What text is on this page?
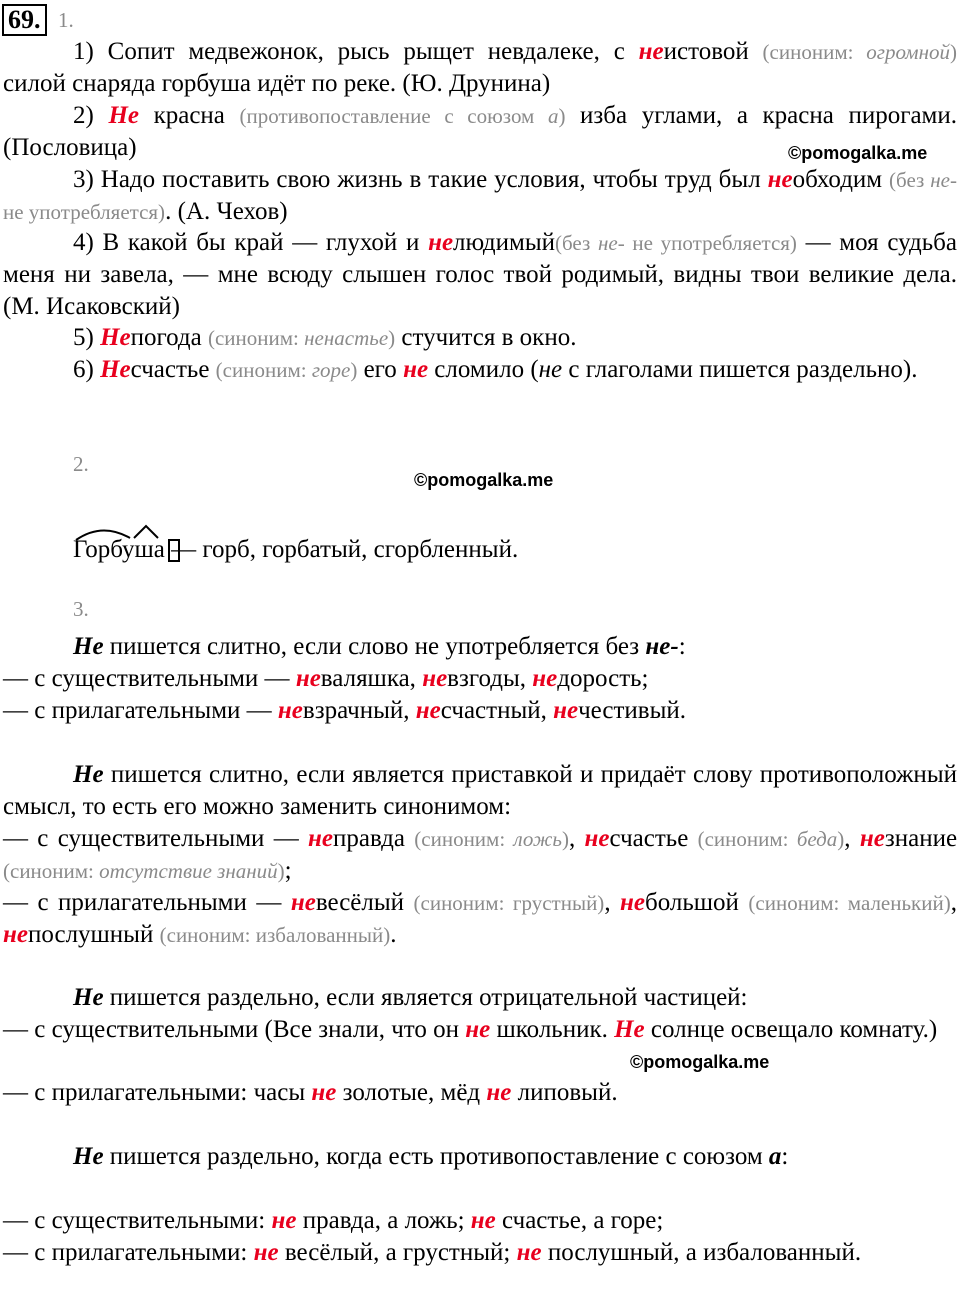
69. 1.
1) Сопит медвежонок, рысь рыщет невдалеке, с неистовой (синоним: огромной) силой снаряда горбуша идёт по реке. (Ю. Друнина)
2) Не красна (противопоставление с союзом а) изба углами, а красна пирогами. (Пословица)	©pomogalka.me
3) Надо поставить свою жизнь в такие условия, чтобы труд был необходим (без не- не употребляется). (А. Чехов)
4) В какой бы край — глухой и нелюдимый(без не- не употребляется) — моя судьба меня ни завела, — мне всюду слышен голос твой родимый, видны твои великие дела. (М. Исаковский)
5) Непогода (синоним: ненастье) стучится в окно.
6) Несчастье (синоним: горе) его не сломило (не с глаголами пишется раздельно).
2.
©pomogalka.me
Горбуша — горб, горбатый, сгорбленный.
3.
Не пишется слитно, если слово не употребляется без не-:
— с существительными — неваляшка, невзгоды, недорость;
— с прилагательными — невзрачный, несчастный, нечестивый.
Не пишется слитно, если является приставкой и придаёт слову противоположный смысл, то есть его можно заменить синонимом:
— с существительными — неправда (синоним: ложь), несчастье (синоним: беда), незнание (синоним: отсутствие знаний);
— с прилагательными — невесёлый (синоним: грустный), небольшой (синоним: маленький), непослушный (синоним: избалованный).
Не пишется раздельно, если является отрицательной частицей:
— с существительными (Все знали, что он не школьник. Не солнце освещало комнату.)
©pomogalka.me
— с прилагательными: часы не золотые, мёд не липовый.
Не пишется раздельно, когда есть противопоставление с союзом а:
— с существительными: не правда, а ложь; не счастье, а горе;
— с прилагательными: не весёлый, а грустный; не послушный, а избалованный.
